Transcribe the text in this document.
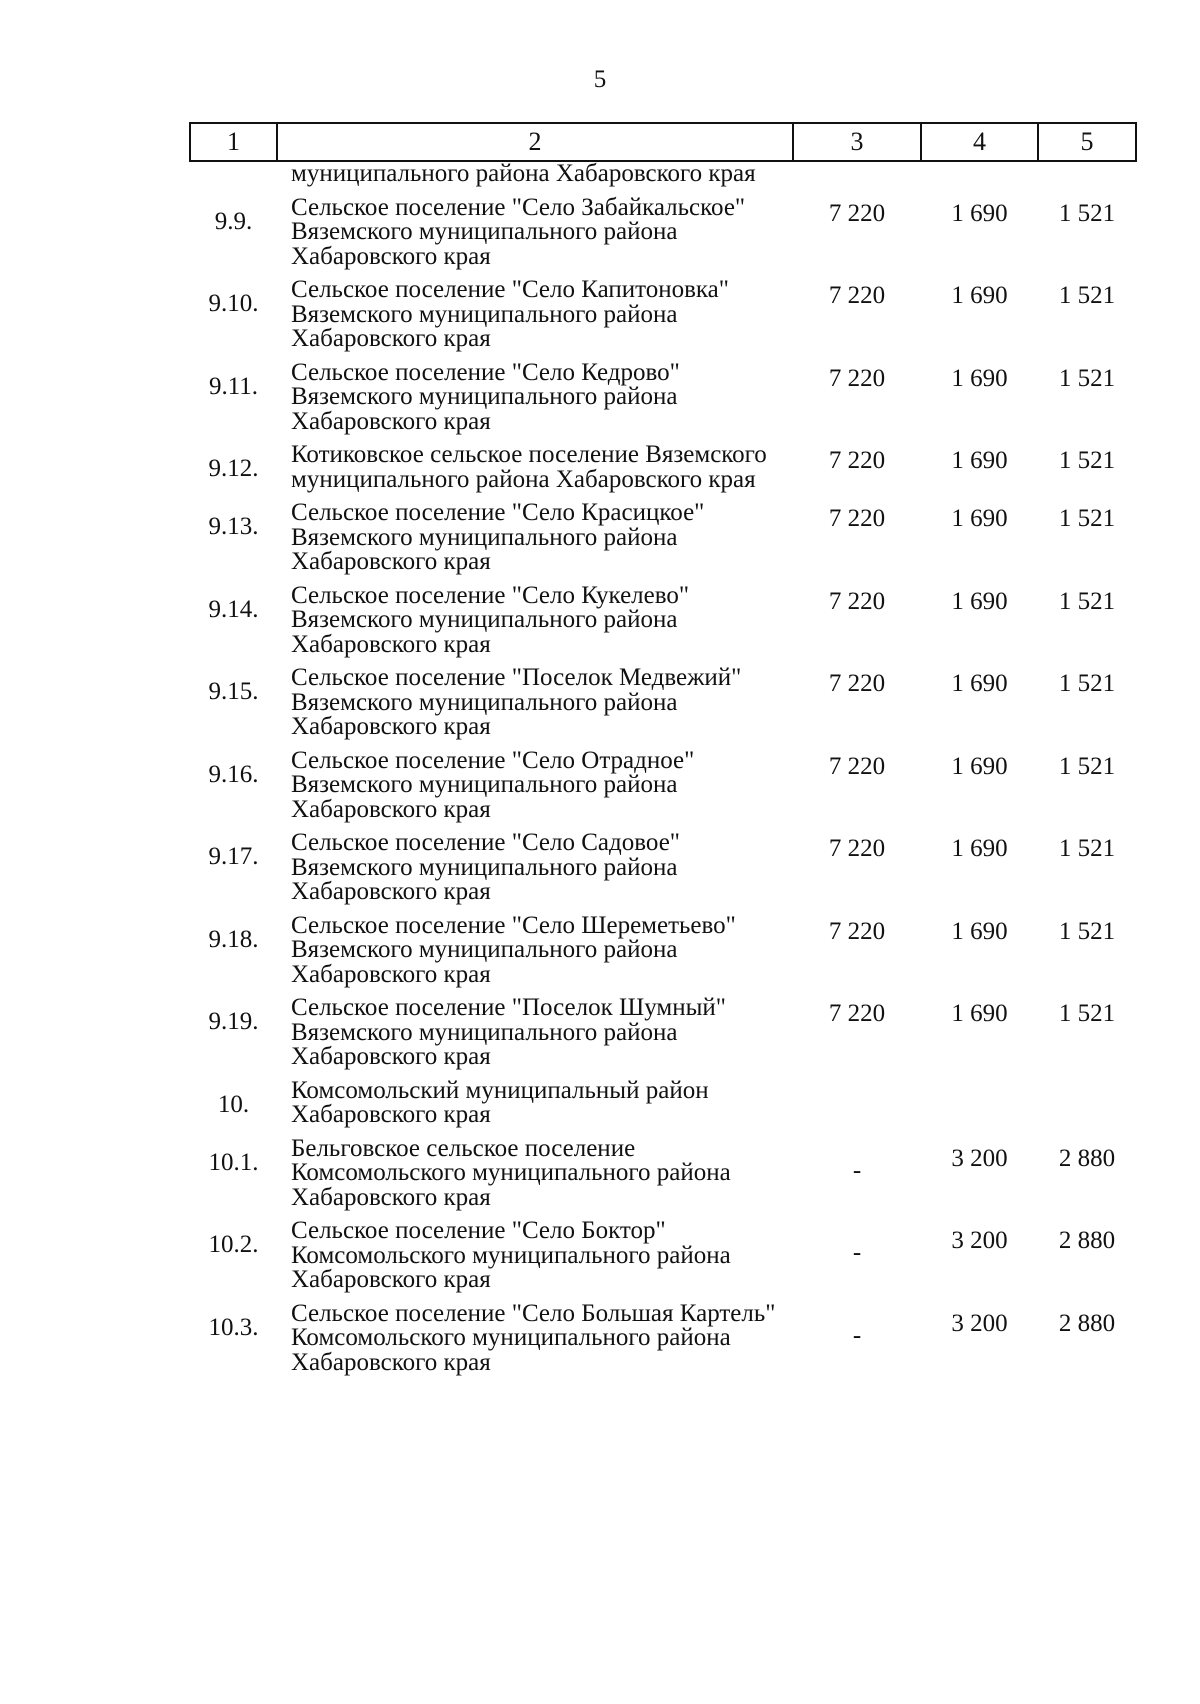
5
1	2	3	4	5
	муниципального района Хабаровского края			
9.9.	Сельское поселение "Село Забайкальское" Вяземского муниципального района Хабаровского края	7 220	1 690	1 521
9.10.	Сельское поселение "Село Капитоновка" Вяземского муниципального района Хабаровского края	7 220	1 690	1 521
9.11.	Сельское поселение "Село Кедрово" Вяземского муниципального района Хабаровского края	7 220	1 690	1 521
9.12.	Котиковское сельское поселение Вяземского муниципального района Хабаровского края	7 220	1 690	1 521
9.13.	Сельское поселение "Село Красицкое" Вяземского муниципального района Хабаровского края	7 220	1 690	1 521
9.14.	Сельское поселение "Село Кукелево" Вяземского муниципального района Хабаровского края	7 220	1 690	1 521
9.15.	Сельское поселение "Поселок Медвежий" Вяземского муниципального района Хабаровского края	7 220	1 690	1 521
9.16.	Сельское поселение "Село Отрадное" Вяземского муниципального района Хабаровского края	7 220	1 690	1 521
9.17.	Сельское поселение "Село Садовое" Вяземского муниципального района Хабаровского края	7 220	1 690	1 521
9.18.	Сельское поселение "Село Шереметьево" Вяземского муниципального района Хабаровского края	7 220	1 690	1 521
9.19.	Сельское поселение "Поселок Шумный" Вяземского муниципального района Хабаровского края	7 220	1 690	1 521
10.	Комсомольский муниципальный район Хабаровского края			
10.1.	Бельговское сельское поселение Комсомольского муниципального района Хабаровского края	-	3 200	2 880
10.2.	Сельское поселение "Село Боктор" Комсомольского муниципального района Хабаровского края	-	3 200	2 880
10.3.	Сельское поселение "Село Большая Картель" Комсомольского муниципального района Хабаровского края	-	3 200	2 880
